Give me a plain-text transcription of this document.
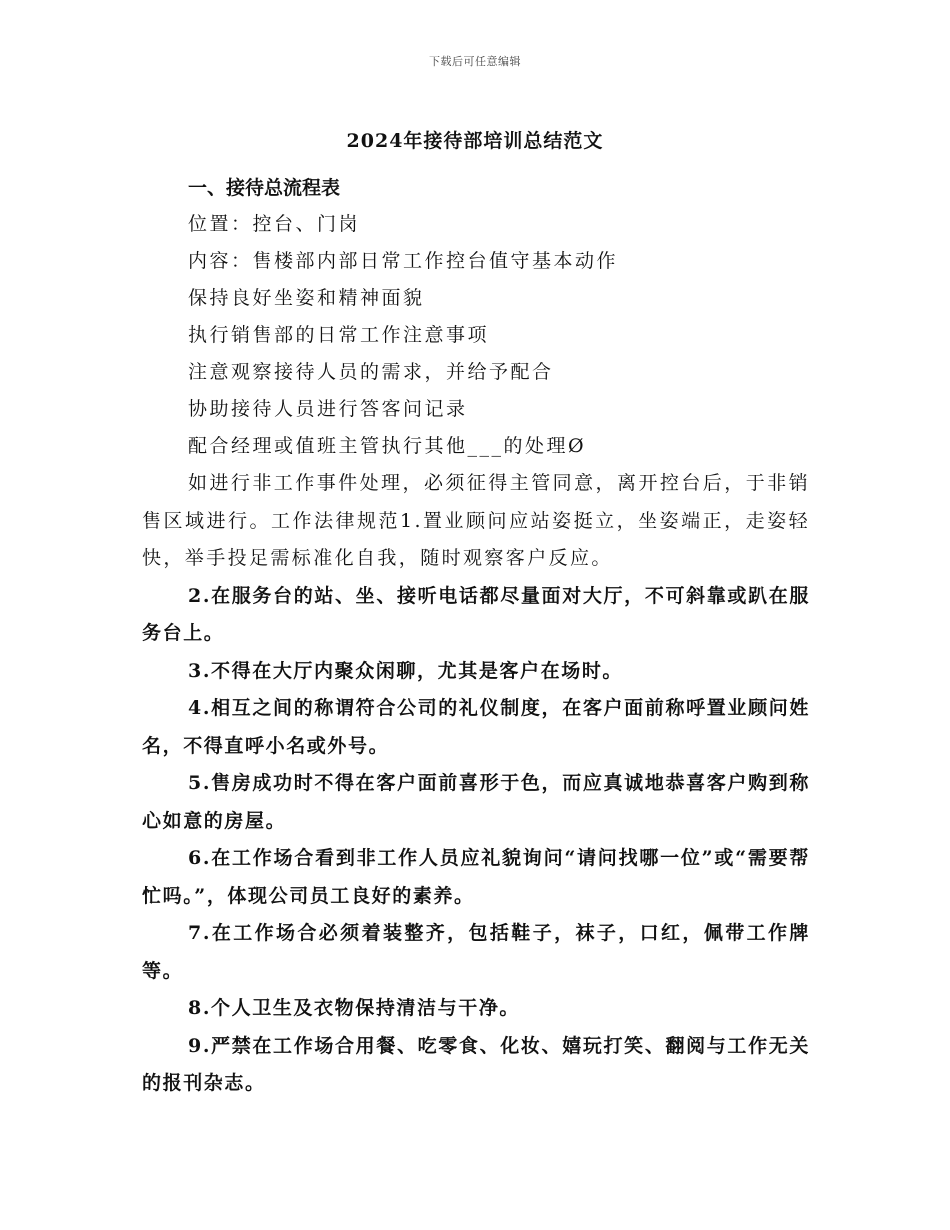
下载后可任意编辑
2024年接待部培训总结范文

一、接待总流程表

位置：控台、门岗

内容：售楼部内部日常工作控台值守基本动作

保持良好坐姿和精神面貌

执行销售部的日常工作注意事项

注意观察接待人员的需求，并给予配合

协助接待人员进行答客问记录

配合经理或值班主管执行其他___的处理Ø

如进行非工作事件处理，必须征得主管同意，离开控台后，于非销售区域进行。工作法律规范1.置业顾问应站姿挺立，坐姿端正，走姿轻快，举手投足需标准化自我，随时观察客户反应。

2.在服务台的站、坐、接听电话都尽量面对大厅，不可斜靠或趴在服务台上。

3.不得在大厅内聚众闲聊，尤其是客户在场时。

4.相互之间的称谓符合公司的礼仪制度，在客户面前称呼置业顾问姓名，不得直呼小名或外号。

5.售房成功时不得在客户面前喜形于色，而应真诚地恭喜客户购到称心如意的房屋。

6.在工作场合看到非工作人员应礼貌询问“请问找哪一位”或“需要帮忙吗。”，体现公司员工良好的素养。

7.在工作场合必须着装整齐，包括鞋子，袜子，口红，佩带工作牌等。

8.个人卫生及衣物保持清洁与干净。

9.严禁在工作场合用餐、吃零食、化妆、嬉玩打笑、翻阅与工作无关的报刊杂志。
